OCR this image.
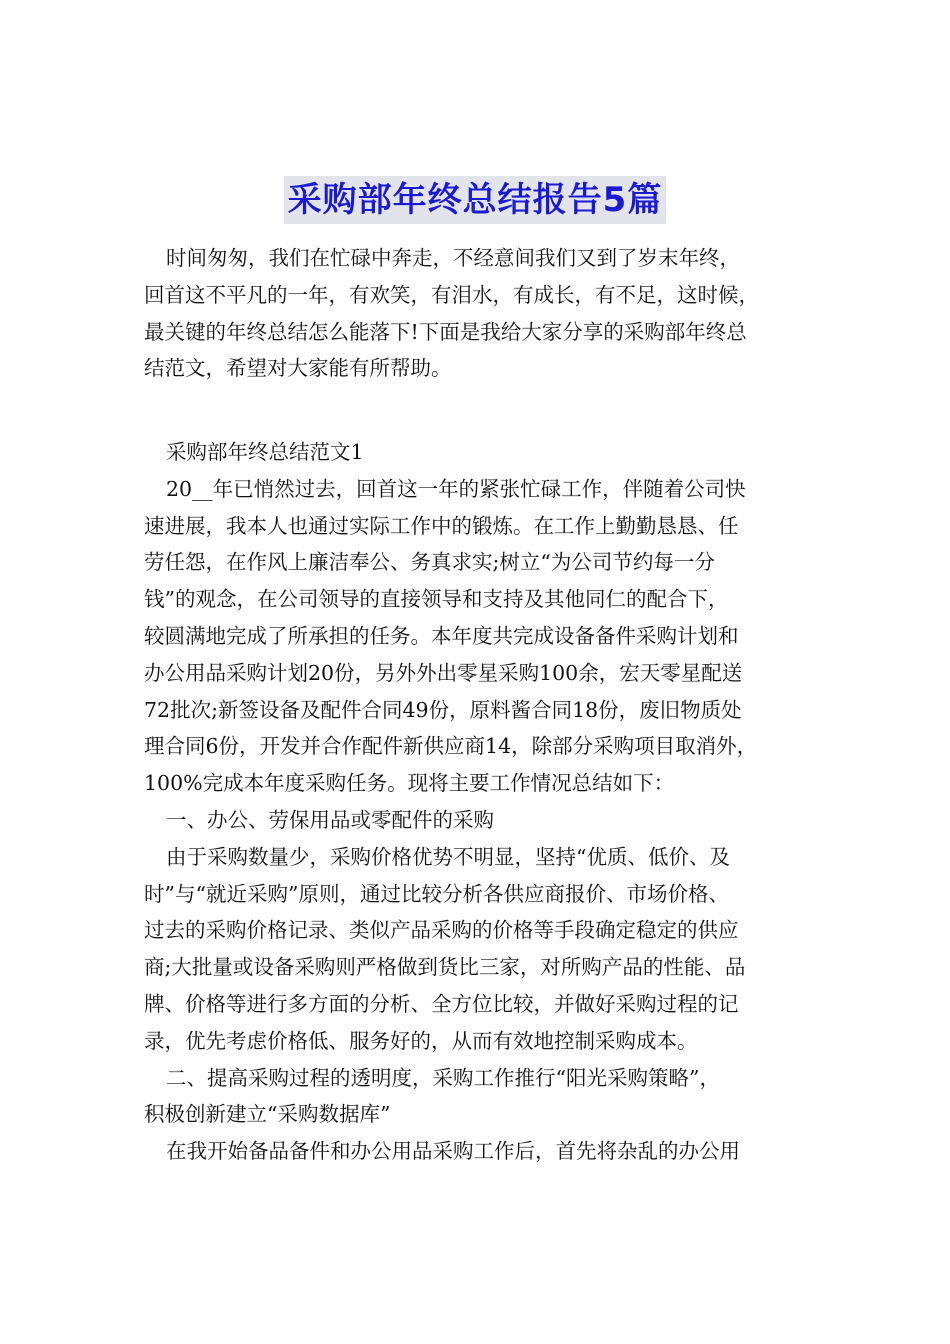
采购部年终总结报告5篇
时间匆匆，我们在忙碌中奔走，不经意间我们又到了岁末年终，
回首这不平凡的一年，有欢笑，有泪水，有成长，有不足，这时候，
最关键的年终总结怎么能落下!下面是我给大家分享的采购部年终总
结范文，希望对大家能有所帮助。
采购部年终总结范文1
20__年已悄然过去，回首这一年的紧张忙碌工作，伴随着公司快
速进展，我本人也通过实际工作中的锻炼。在工作上勤勤恳恳、任
劳任怨，在作风上廉洁奉公、务真求实;树立“为公司节约每一分
钱”的观念，在公司领导的直接领导和支持及其他同仁的配合下，
较圆满地完成了所承担的任务。本年度共完成设备备件采购计划和
办公用品采购计划20份，另外外出零星采购100余，宏天零星配送
72批次;新签设备及配件合同49份，原料酱合同18份，废旧物质处
理合同6份，开发并合作配件新供应商14，除部分采购项目取消外，
100%完成本年度采购任务。现将主要工作情况总结如下：
一、办公、劳保用品或零配件的采购
由于采购数量少，采购价格优势不明显，坚持“优质、低价、及
时”与“就近采购”原则，通过比较分析各供应商报价、市场价格、
过去的采购价格记录、类似产品采购的价格等手段确定稳定的供应
商;大批量或设备采购则严格做到货比三家，对所购产品的性能、品
牌、价格等进行多方面的分析、全方位比较，并做好采购过程的记
录，优先考虑价格低、服务好的，从而有效地控制采购成本。
二、提高采购过程的透明度，采购工作推行“阳光采购策略”，
积极创新建立“采购数据库”
在我开始备品备件和办公用品采购工作后，首先将杂乱的办公用
